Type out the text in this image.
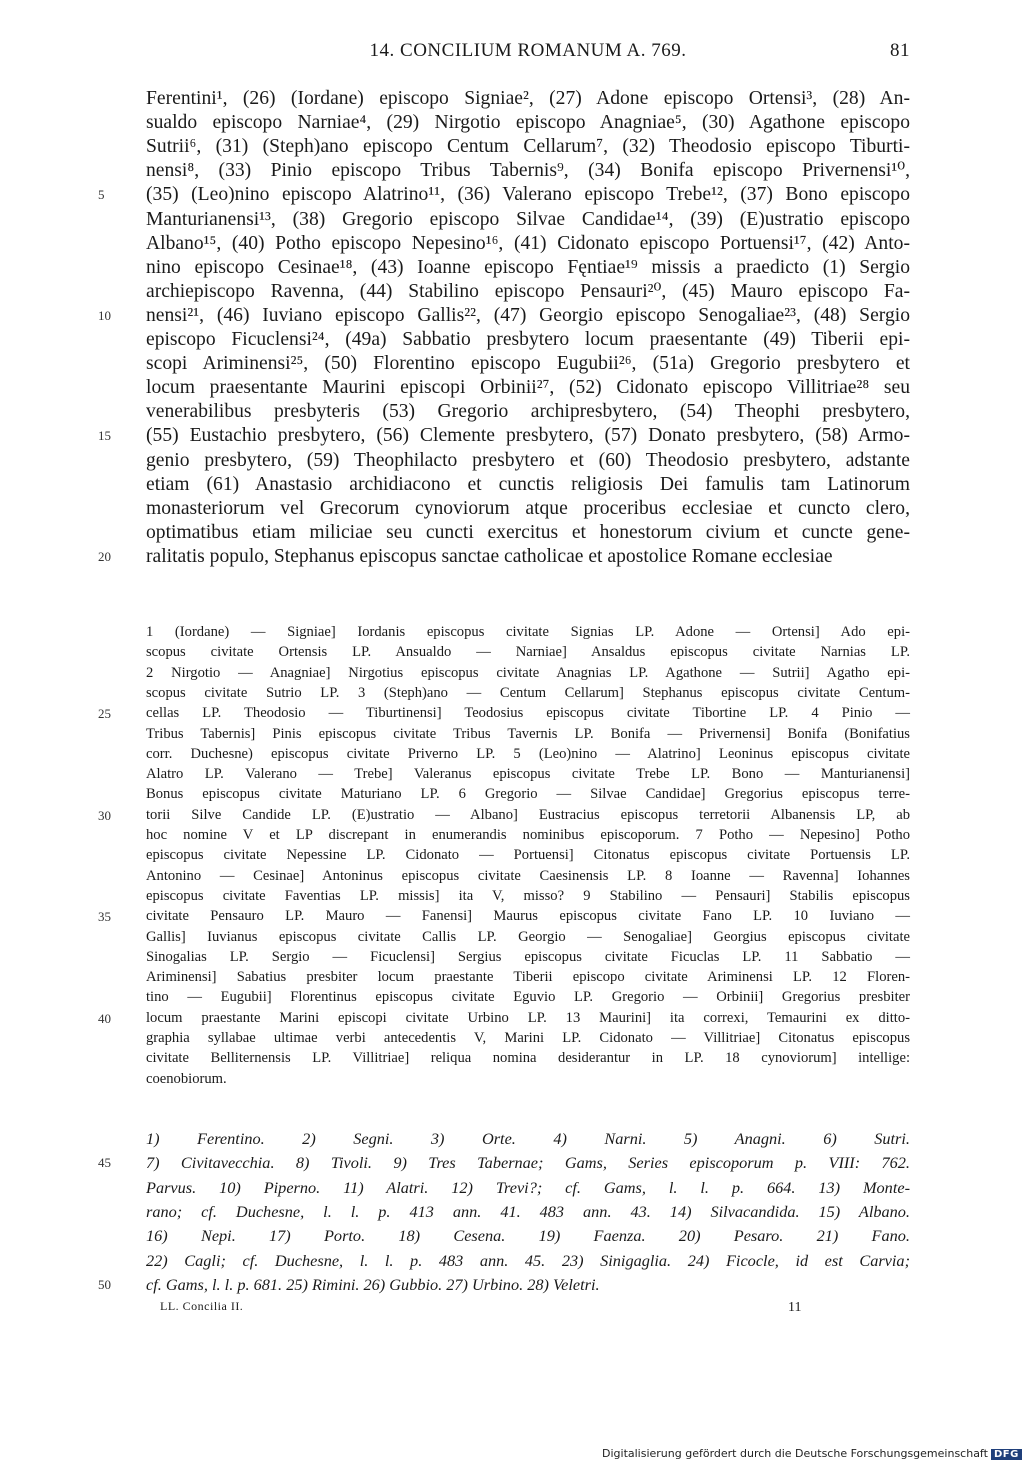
14. CONCILIUM ROMANUM A. 769.	81
Ferentini¹, (26) (Iordane) episcopo Signiae², (27) Adone episcopo Ortensi³, (28) An-
sualdo episcopo Narniae⁴, (29) Nirgotio episcopo Anagniae⁵, (30) Agathone episcopo
Sutrii⁶, (31) (Steph)ano episcopo Centum Cellarum⁷, (32) Theodosio episcopo Tiburti-
nensi⁸, (33) Pinio episcopo Tribus Tabernis⁹, (34) Bonifa episcopo Privernensi¹⁰,
(35) (Leo)nino episcopo Alatrino¹¹, (36) Valerano episcopo Trebe¹², (37) Bono episcopo
5
Manturianensi¹³, (38) Gregorio episcopo Silvae Candidae¹⁴, (39) (E)ustratio episcopo
Albano¹⁵, (40) Potho episcopo Nepesino¹⁶, (41) Cidonato episcopo Portuensi¹⁷, (42) Anto-
nino episcopo Cesinae¹⁸, (43) Ioanne episcopo Fęntiae¹⁹ missis a praedicto (1) Sergio
archiepiscopo Ravenna, (44) Stabilino episcopo Pensauri²⁰, (45) Mauro episcopo Fa-
nensi²¹, (46) Iuviano episcopo Gallis²², (47) Georgio episcopo Senogaliae²³, (48) Sergio
10
episcopo Ficuclensi²⁴, (49a) Sabbatio presbytero locum praesentante (49) Tiberii epi-
scopi Ariminensi²⁵, (50) Florentino episcopo Eugubii²⁶, (51a) Gregorio presbytero et
locum praesentante Maurini episcopi Orbinii²⁷, (52) Cidonato episcopo Villitriae²⁸ seu
venerabilibus presbyteris (53) Gregorio archipresbytero, (54) Theophi presbytero,
(55) Eustachio presbytero, (56) Clemente presbytero, (57) Donato presbytero, (58) Armo-
15
genio presbytero, (59) Theophilacto presbytero et (60) Theodosio presbytero, adstante
etiam (61) Anastasio archidiacono et cunctis religiosis Dei famulis tam Latinorum
monasteriorum vel Grecorum cynoviorum atque proceribus ecclesiae et cuncto clero,
optimatibus etiam miliciae seu cuncti exercitus et honestorum civium et cuncte gene-
ralitatis populo, Stephanus episcopus sanctae catholicae et apostolice Romane ecclesiae
20
1 (Iordane) — Signiae] Iordanis episcopus civitate Signias LP. Adone — Ortensi] Ado epi-
scopus civitate Ortensis LP. Ansualdo — Narniae] Ansaldus episcopus civitate Narnias LP.
2 Nirgotio — Anagniae] Nirgotius episcopus civitate Anagnias LP. Agathone — Sutrii] Agatho epi-
scopus civitate Sutrio LP. 3 (Steph)ano — Centum Cellarum] Stephanus episcopus civitate Centum-
cellas LP. Theodosio — Tiburtinensi] Teodosius episcopus civitate Tibortine LP. 4 Pinio —
25
Tribus Tabernis] Pinis episcopus civitate Tribus Tavernis LP. Bonifa — Privernensi] Bonifa (Bonifatius
corr. Duchesne) episcopus civitate Priverno LP. 5 (Leo)nino — Alatrino] Leoninus episcopus civitate
Alatro LP. Valerano — Trebe] Valeranus episcopus civitate Trebe LP. Bono — Manturianensi]
Bonus episcopus civitate Maturiano LP. 6 Gregorio — Silvae Candidae] Gregorius episcopus terre-
torii Silve Candide LP. (E)ustratio — Albano] Eustracius episcopus terretorii Albanensis LP, ab
30
hoc nomine V et LP discrepant in enumerandis nominibus episcoporum. 7 Potho — Nepesino] Potho
episcopus civitate Nepessine LP. Cidonato — Portuensi] Citonatus episcopus civitate Portuensis LP.
Antonino — Cesinae] Antoninus episcopus civitate Caesinensis LP. 8 Ioanne — Ravenna] Iohannes
episcopus civitate Faventias LP. missis] ita V, misso? 9 Stabilino — Pensauri] Stabilis episcopus
civitate Pensauro LP. Mauro — Fanensi] Maurus episcopus civitate Fano LP. 10 Iuviano —
35
Gallis] Iuvianus episcopus civitate Callis LP. Georgio — Senogaliae] Georgius episcopus civitate
Sinogalias LP. Sergio — Ficuclensi] Sergius episcopus civitate Ficuclas LP. 11 Sabbatio —
Ariminensi] Sabatius presbiter locum praestante Tiberii episcopo civitate Ariminensi LP. 12 Floren-
tino — Eugubii] Florentinus episcopus civitate Eguvio LP. Gregorio — Orbinii] Gregorius presbiter
locum praestante Marini episcopi civitate Urbino LP. 13 Maurini] ita correxi, Temaurini ex ditto-
40
graphia syllabae ultimae verbi antecedentis V, Marini LP. Cidonato — Villitriae] Citonatus episcopus
civitate Belliternensis LP. Villitriae] reliqua nomina desiderantur in LP. 18 cynoviorum] intellige:
coenobiorum.
1) Ferentino. 2) Segni. 3) Orte. 4) Narni. 5) Anagni. 6) Sutri.
7) Civitavecchia. 8) Tivoli. 9) Tres Tabernae; Gams, Series episcoporum p. VIII: 762.
45
Parvus. 10) Piperno. 11) Alatri. 12) Trevi?; cf. Gams, l. l. p. 664. 13) Monte-
rano; cf. Duchesne, l. l. p. 413 ann. 41. 483 ann. 43. 14) Silvacandida. 15) Albano.
16) Nepi. 17) Porto. 18) Cesena. 19) Faenza. 20) Pesaro. 21) Fano.
22) Cagli; cf. Duchesne, l. l. p. 483 ann. 45. 23) Sinigaglia. 24) Ficocle, id est Carvia;
cf. Gams, l. l. p. 681. 25) Rimini. 26) Gubbio. 27) Urbino. 28) Veletri.
50
LL. Concilia II.	11
Digitalisierung gefördert durch die Deutsche Forschungsgemeinschaft DFG
